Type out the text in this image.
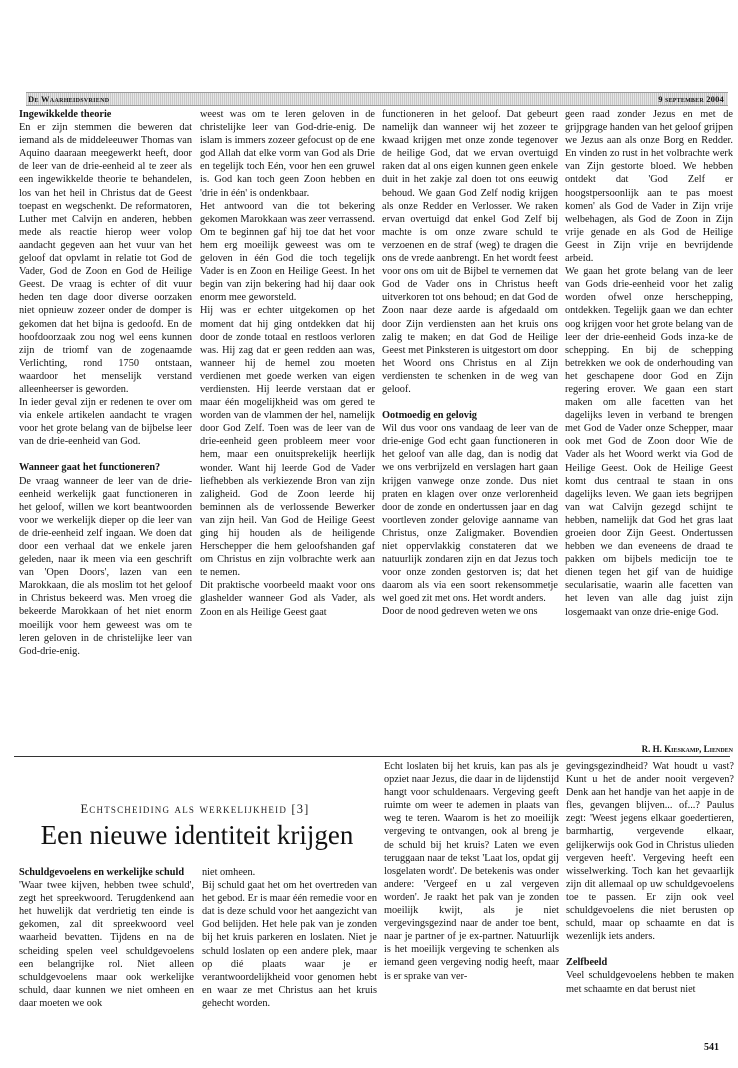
De Waarheidsvriend	9 september 2004
Ingewikkelde theorie

En er zijn stemmen die beweren dat iemand als de middeleeuwer Thomas van Aquino daaraan meegewerkt heeft, door de leer van de drie-eenheid al te zeer als een ingewikkelde theorie te behandelen, los van het heil in Christus dat de Geest toepast en wegschenkt. De reformatoren, Luther met Calvijn en anderen, hebben mede als reactie hierop weer volop aandacht gegeven aan het vuur van het geloof dat opvlamt in relatie tot God de Vader, God de Zoon en God de Heilige Geest. De vraag is echter of dit vuur heden ten dage door diverse oorzaken niet opnieuw zozeer onder de domper is gekomen dat het bijna is gedoofd. En de hoofdoorzaak zou nog wel eens kunnen zijn de triomf van de zogenaamde Verlichting, rond 1750 ontstaan, waardoor het menselijk verstand alleenheerser is geworden.

In ieder geval zijn er redenen te over om via enkele artikelen aandacht te vragen voor het grote belang van de bijbelse leer van de drie-eenheid van God.

Wanneer gaat het functioneren?

De vraag wanneer de leer van de drie-eenheid werkelijk gaat functioneren in het geloof, willen we kort beantwoorden voor we werkelijk dieper op die leer van de drie-eenheid zelf ingaan. We doen dat door een verhaal dat we enkele jaren geleden, naar ik meen via een geschrift van 'Open Doors', lazen van een Marokkaan, die als moslim tot het geloof in Christus bekeerd was. Men vroeg die bekeerde Marokkaan of het niet enorm moeilijk voor hem geweest was om te leren geloven in de christelijke leer van God-drie-enig.

weest was om te leren geloven in de christelijke leer van God-drie-enig. De islam is immers zozeer gefocust op de ene god Allah dat elke vorm van God als Drie en tegelijk toch Eén, voor hen een gruwel is. God kan toch geen Zoon hebben en 'drie in één' is ondenkbaar.

Het antwoord van die tot bekering gekomen Marokkaan was zeer verrassend. Om te beginnen gaf hij toe dat het voor hem erg moeilijk geweest was om te geloven in één God die toch tegelijk Vader is en Zoon en Heilige Geest. In het begin van zijn bekering had hij daar ook enorm mee geworsteld.

Hij was er echter uitgekomen op het moment dat hij ging ontdekken dat hij door de zonde totaal en restloos verloren was. Hij zag dat er geen redden aan was, wanneer hij de hemel zou moeten verdienen met goede werken van eigen verdiensten. Hij leerde verstaan dat er maar één mogelijkheid was om gered te worden van de vlammen der hel, namelijk door God Zelf. Toen was de leer van de drie-eenheid geen probleem meer voor hem, maar een onuitsprekelijk heerlijk wonder. Want hij leerde God de Vader liefhebben als verkiezende Bron van zijn zaligheid. God de Zoon leerde hij beminnen als de verlossende Bewerker van zijn heil. Van God de Heilige Geest ging hij houden als de heiligende Herschepper die hem geloofshanden gaf om Christus en zijn volbrachte werk aan te nemen.

Dit praktische voorbeeld maakt voor ons glashelder wanneer God als Vader, als Zoon en als Heilige Geest gaat

functioneren in het geloof. Dat gebeurt namelijk dan wanneer wij het zozeer te kwaad krijgen met onze zonde tegenover de heilige God, dat we ervan overtuigd raken dat al ons eigen kunnen geen enkele duit in het zakje zal doen tot ons eeuwig behoud. We gaan God Zelf nodig krijgen als onze Redder en Verlosser. We raken ervan overtuigd dat enkel God Zelf bij machte is om onze zware schuld te verzoenen en de straf (weg) te dragen die ons de vrede aanbrengt. En het wordt feest voor ons om uit de Bijbel te vernemen dat God de Vader ons in Christus heeft uitverkoren tot ons behoud; en dat God de Zoon naar deze aarde is afgedaald om door Zijn verdiensten aan het kruis ons zalig te maken; en dat God de Heilige Geest met Pinksteren is uitgestort om door het Woord ons Christus en al Zijn verdiensten te schenken in de weg van geloof.

Ootmoedig en gelovig

Wil dus voor ons vandaag de leer van de drie-enige God echt gaan functioneren in het geloof van alle dag, dan is nodig dat we ons verbrijzeld en verslagen hart gaan krijgen vanwege onze zonde. Dus niet praten en klagen over onze verlorenheid door de zonde en ondertussen jaar en dag voortleven zonder gelovige aanname van Christus, onze Zaligmaker. Bovendien niet oppervlakkig constateren dat we natuurlijk zondaren zijn en dat Jezus toch voor onze zonden gestorven is; dat het daarom als via een soort rekensommetje wel goed zit met ons. Het wordt anders.

Door de nood gedreven weten we ons

geen raad zonder Jezus en met de grijpgrage handen van het geloof grijpen we Jezus aan als onze Borg en Redder. En vinden zo rust in het volbrachte werk van Zijn gestorte bloed. We hebben ontdekt dat 'God Zelf er hoogstpersoonlijk aan te pas moest komen' als God de Vader in Zijn vrije welbehagen, als God de Zoon in Zijn vrije genade en als God de Heilige Geest in Zijn vrije en bevrijdende arbeid.

We gaan het grote belang van de leer van Gods drie-eenheid voor het zalig worden ofwel onze herschepping, ontdekken. Tegelijk gaan we dan echter oog krijgen voor het grote belang van de leer der drie-eenheid Gods inza-ke de schepping. En bij de schepping betrekken we ook de onderhouding van het geschapene door God en Zijn regering erover. We gaan een start maken om alle facetten van het dagelijks leven in verband te brengen met God de Vader onze Schepper, maar ook met God de Zoon door Wie de Vader als het Woord werkt via God de Heilige Geest. Ook de Heilige Geest komt dus centraal te staan in ons dagelijks leven. We gaan iets begrijpen van wat Calvijn gezegd schijnt te hebben, namelijk dat God het gras laat groeien door Zijn Geest. Ondertussen hebben we dan eveneens de draad te pakken om bijbels medicijn toe te dienen tegen het gif van de huidige secularisatie, waarin alle facetten van het leven van alle dag juist zijn losgemaakt van onze drie-enige God.

R. H. Kieskamp, Lienden
Echtscheiding als werkelijkheid [3]
Een nieuwe identiteit krijgen
Schuldgevoelens en werkelijke schuld

'Waar twee kijven, hebben twee schuld', zegt het spreekwoord. Terugdenkend aan het huwelijk dat verdrietig ten einde is gekomen, zal dit spreekwoord veel waarheid bevatten. Tijdens en na de scheiding spelen veel schuldgevoelens een belangrijke rol. Niet alleen schuldgevoelens maar ook werkelijke schuld, daar kunnen we niet omheen en daar moeten we ook

niet omheen.

Bij schuld gaat het om het overtreden van het gebod. Er is maar één remedie voor en dat is deze schuld voor het aangezicht van God belijden. Het hele pak van je zonden bij het kruis parkeren en loslaten. Niet je schuld loslaten op een andere plek, maar op dié plaats waar je er verantwoordelijkheid voor genomen hebt en waar ze met Christus aan het kruis gehecht worden.

Echt loslaten bij het kruis, kan pas als je opziet naar Jezus, die daar in de lijdenstijd hangt voor schuldenaars. Vergeving geeft ruimte om weer te ademen in plaats van weg te teren. Waarom is het zo moeilijk vergeving te ontvangen, ook al breng je de schuld bij het kruis? Laten we even teruggaan naar de tekst 'Laat los, opdat gij losgelaten wordt'. De betekenis was onder andere: 'Vergeef en u zal vergeven worden'. Je raakt het pak van je zonden moeilijk kwijt, als je niet vergevingsgezind naar de ander toe bent, naar je partner of je ex-partner. Natuurlijk is het moeilijk vergeving te schenken als iemand geen vergeving nodig heeft, maar is er sprake van ver-

gevingsgezindheid? Wat houdt u vast? Kunt u het de ander nooit vergeven? Denk aan het handje van het aapje in de fles, gevangen blijven... of...? Paulus zegt: 'Weest jegens elkaar goedertieren, barmhartig, vergevende elkaar, gelijkerwijs ook God in Christus uliеden vergeven heeft'. Vergeving heeft een wisselwerking. Toch kan het gevaarlijk zijn dit allemaal op uw schuldgevoelens toe te passen. Er zijn ook veel schuldgevoelens die niet berusten op schuld, maar op schaamte en dat is wezenlijk iets anders.

Zelfbeeld

Veel schuldgevoelens hebben te maken met schaamte en dat berust niet

541
